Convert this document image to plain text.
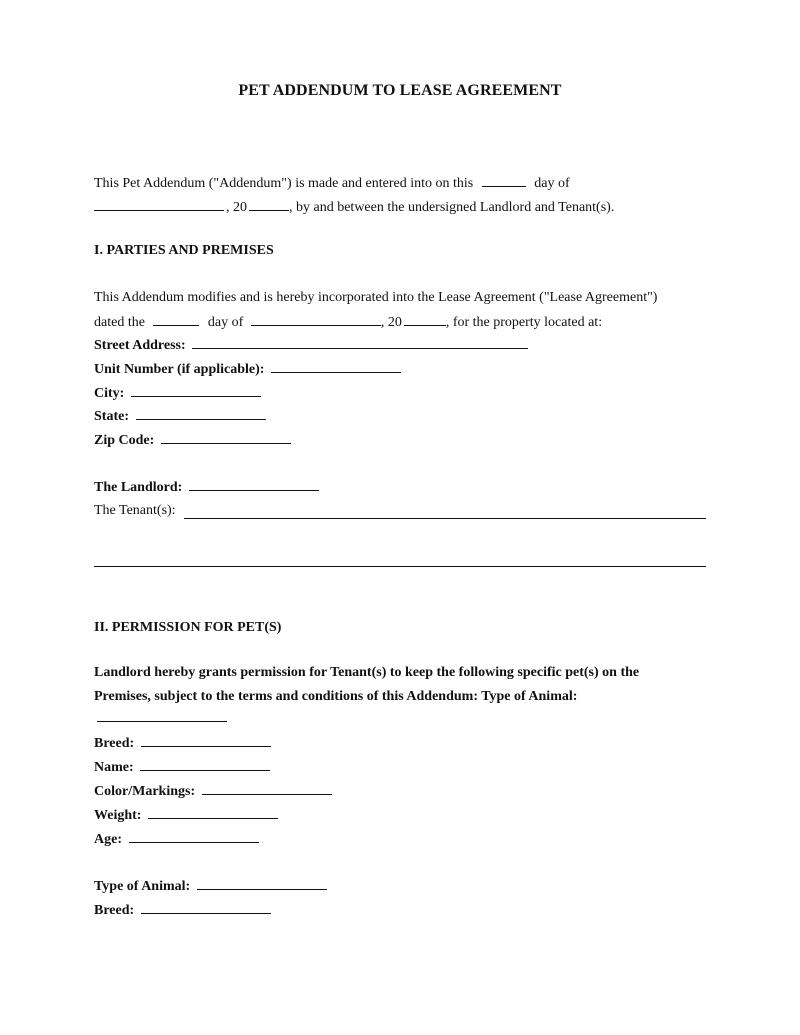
PET ADDENDUM TO LEASE AGREEMENT
This Pet Addendum ("Addendum") is made and entered into on this	day of
, 20	, by and between the undersigned Landlord and Tenant(s).
I. PARTIES AND PREMISES
This Addendum modifies and is hereby incorporated into the Lease Agreement ("Lease Agreement")
dated the	day of	, 20	, for the property located at:
Street Address:
Unit Number (if applicable):
City:
State:
Zip Code:
The Landlord:
The Tenant(s):
II. PERMISSION FOR PET(S)
Landlord hereby grants permission for Tenant(s) to keep the following specific pet(s) on the
Premises, subject to the terms and conditions of this Addendum: Type of Animal:
Breed:
Name:
Color/Markings:
Weight:
Age:
Type of Animal:
Breed:
